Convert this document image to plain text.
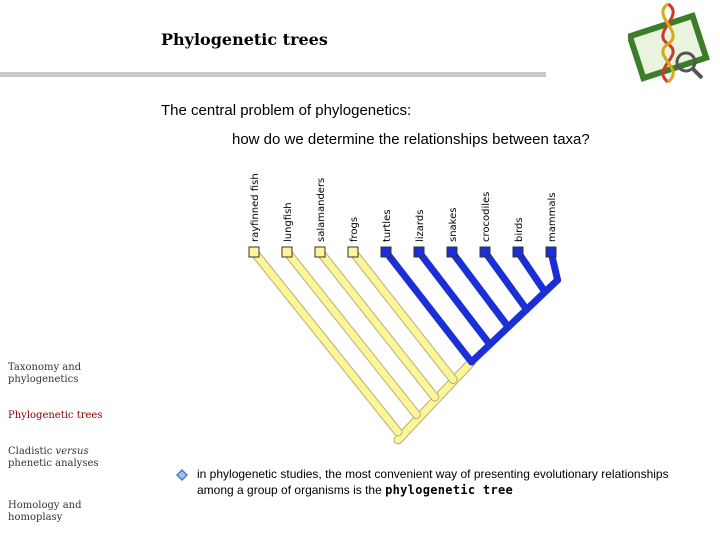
Phylogenetic trees
The central problem of phylogenetics:
how do we determine the relationships between taxa?
rayfinned fish lungfish salamanders frogs turtles lizards snakes crocodiles birds mammals
Taxonomy and phylogenetics
Phylogenetic trees
Cladistic versus phenetic analyses
Homology and homoplasy
in phylogenetic studies, the most convenient way of presenting evolutionary relationships among a group of organisms is the phylogenetic tree
